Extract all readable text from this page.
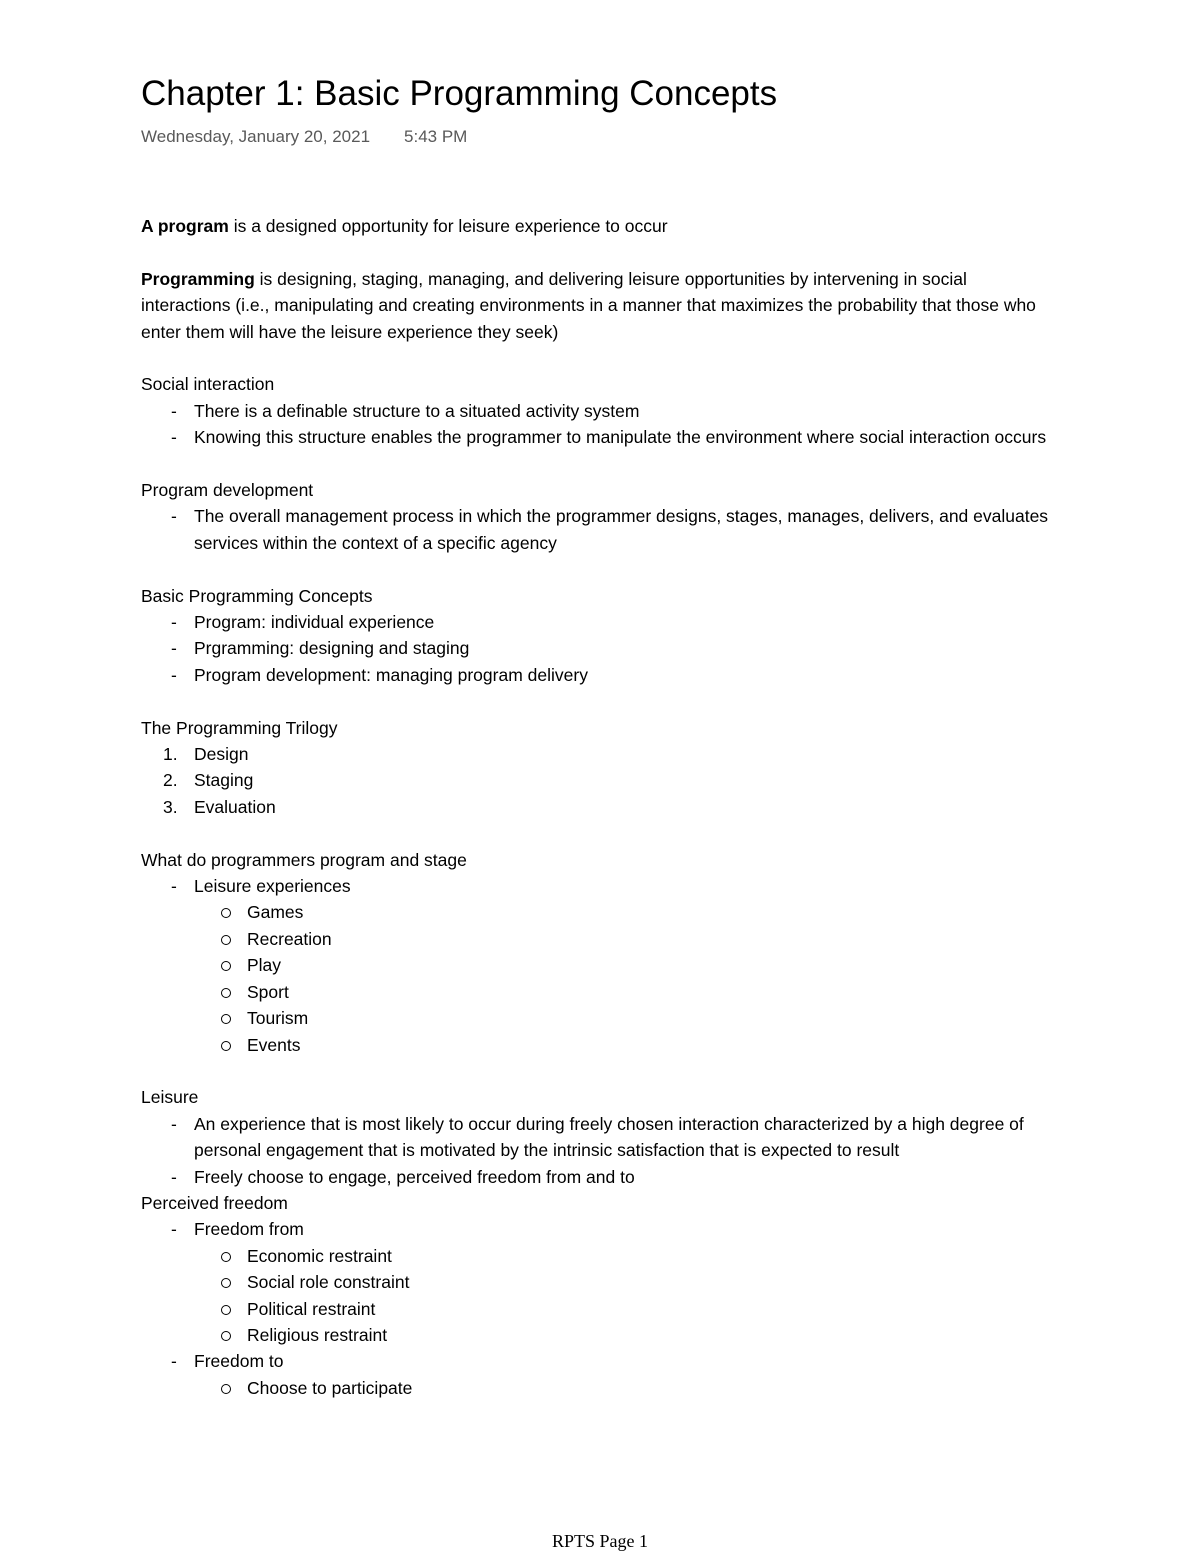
Chapter 1: Basic Programming Concepts
Wednesday, January 20, 2021 5:43 PM

A program is a designed opportunity for leisure experience to occur

Programming is designing, staging, managing, and delivering leisure opportunities by intervening in social interactions (i.e., manipulating and creating environments in a manner that maximizes the probability that those who enter them will have the leisure experience they seek)

Social interaction

- There is a definable structure to a situated activity system
- Knowing this structure enables the programmer to manipulate the environment where social interaction occurs

Program development

- The overall management process in which the programmer designs, stages, manages, delivers, and evaluates services within the context of a specific agency

Basic Programming Concepts

- Program: individual experience
- Prgramming: designing and staging
- Program development: managing program delivery

The Programming Trilogy

1. Design
2. Staging
3. Evaluation

What do programmers program and stage

- Leisure experiences
Games
Recreation
Play
Sport
Tourism
Events

Leisure

- An experience that is most likely to occur during freely chosen interaction characterized by a high degree of personal engagement that is motivated by the intrinsic satisfaction that is expected to result
- Freely choose to engage, perceived freedom from and to

Perceived freedom

- Freedom from
Economic restraint
Social role constraint
Political restraint
Religious restraint
- Freedom to
Choose to participate
RPTS Page 1
